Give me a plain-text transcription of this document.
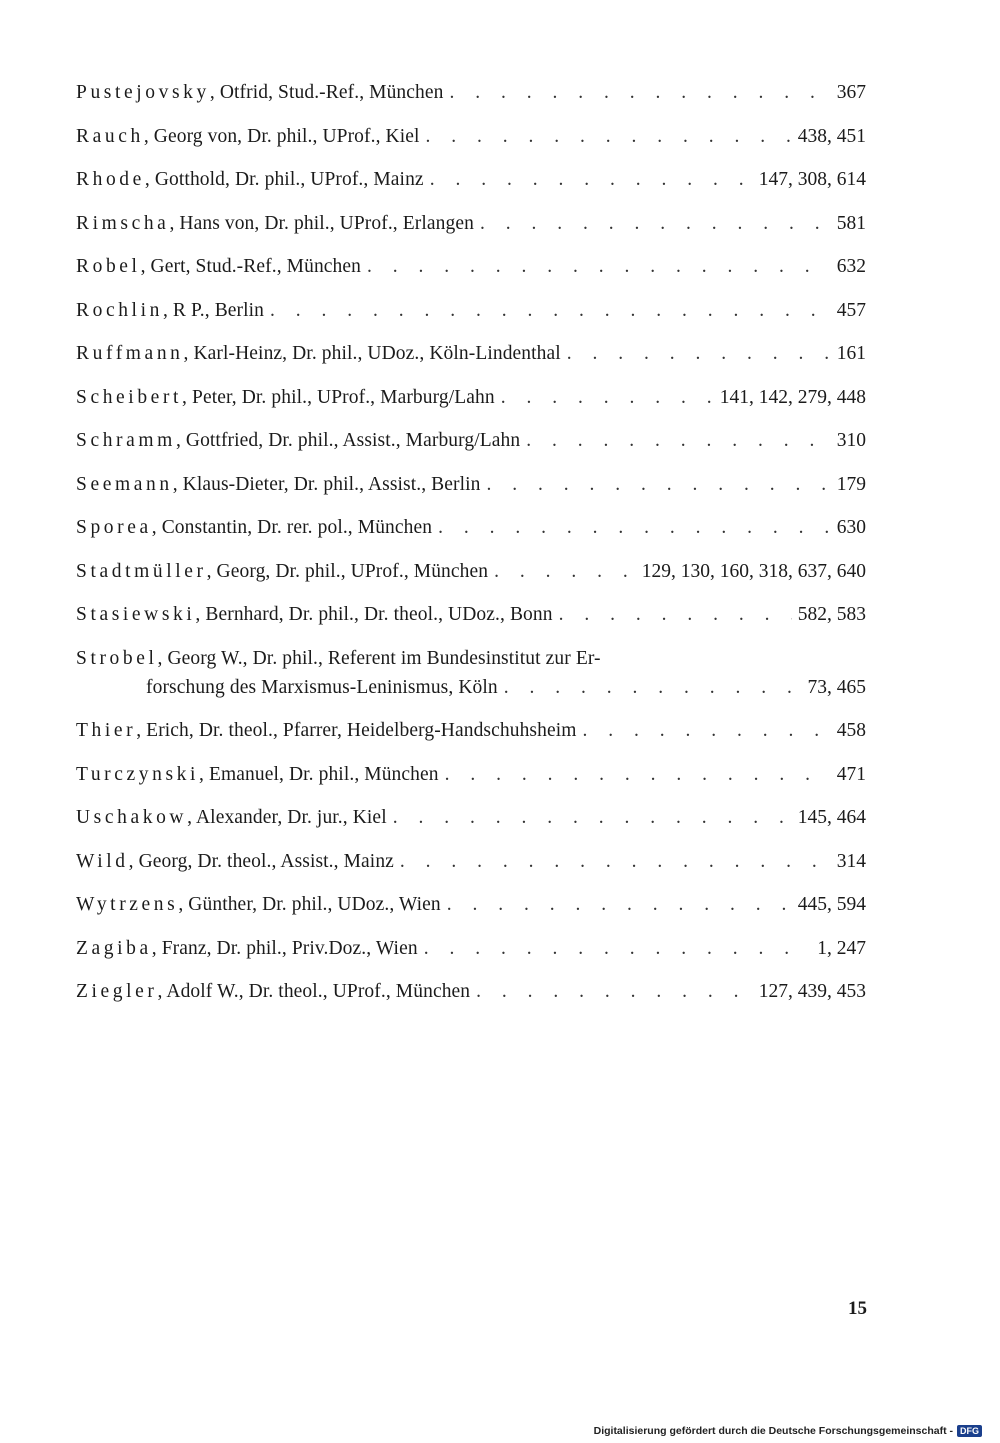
Pustejovsky , Otfrid, Stud.-Ref., München . . .	367
Rauch , Georg von, Dr. phil., UProf., Kiel . . .	438, 451
Rhode , Gotthold, Dr. phil., UProf., Mainz . . .	147, 308, 614
Rimscha , Hans von, Dr. phil., UProf., Erlangen . . .	581
Robel , Gert, Stud.-Ref., München . . .	632
Rochlin , R P., Berlin . . .	457
Ruffmann , Karl-Heinz, Dr. phil., UDoz., Köln-Lindenthal . . .	161
Scheibert , Peter, Dr. phil., UProf., Marburg/Lahn . . .	141, 142, 279, 448
Schramm , Gottfried, Dr. phil., Assist., Marburg/Lahn . . .	310
Seemann , Klaus-Dieter, Dr. phil., Assist., Berlin . . .	179
Sporea , Constantin, Dr. rer. pol., München . . .	630
Stadtmüller , Georg, Dr. phil., UProf., München . . .	129, 130, 160, 318, 637, 640
Stasiewski , Bernhard, Dr. phil., Dr. theol., UDoz., Bonn . . .	582, 583
Strobel , Georg W., Dr. phil., Referent im Bundesinstitut zur Er-
forschung des Marxismus-Leninismus, Köln . . .	73, 465
Thier , Erich, Dr. theol., Pfarrer, Heidelberg-Handschuhsheim . . .	458
Turczynski , Emanuel, Dr. phil., München . . .	471
Uschakow , Alexander, Dr. jur., Kiel . . .	145, 464
Wild , Georg, Dr. theol., Assist., Mainz . . .	314
Wytrzens , Günther, Dr. phil., UDoz., Wien . . .	445, 594
Zagiba , Franz, Dr. phil., Priv.Doz., Wien . . .	1, 247
Ziegler , Adolf W., Dr. theol., UProf., München . . .	127, 439, 453
15
Digitalisierung gefördert durch die Deutsche Forschungsgemeinschaft - DFG
